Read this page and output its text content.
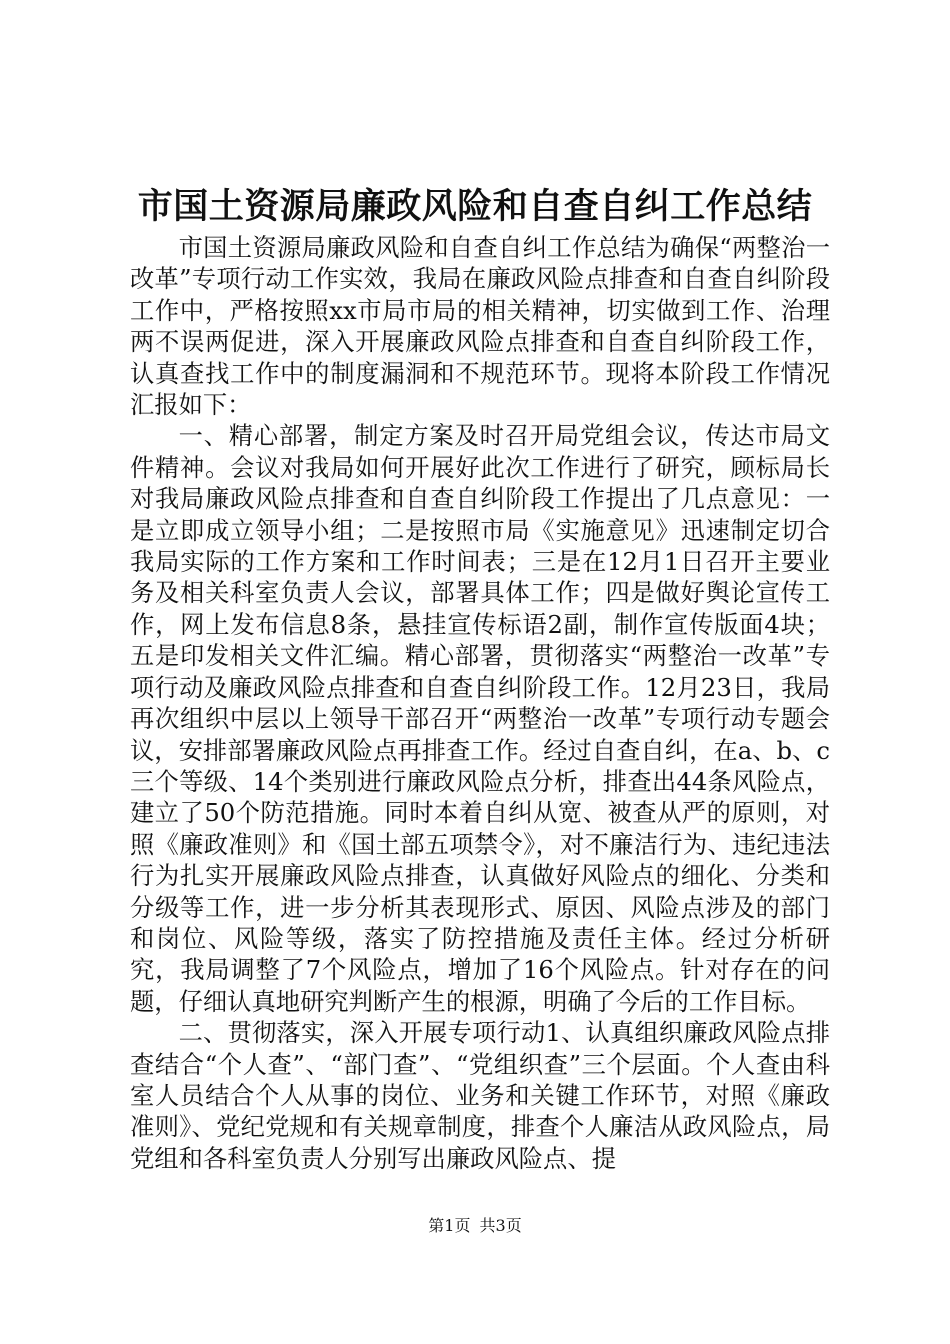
市国土资源局廉政风险和自查自纠工作总结

市国土资源局廉政风险和自查自纠工作总结为确保“两整治一改革”专项行动工作实效，我局在廉政风险点排查和自查自纠阶段工作中，严格按照xx市局市局的相关精神，切实做到工作、治理两不误两促进，深入开展廉政风险点排查和自查自纠阶段工作，认真查找工作中的制度漏洞和不规范环节。现将本阶段工作情况汇报如下：

一、精心部署，制定方案及时召开局党组会议，传达市局文件精神。会议对我局如何开展好此次工作进行了研究，顾标局长对我局廉政风险点排查和自查自纠阶段工作提出了几点意见：一是立即成立领导小组；二是按照市局《实施意见》迅速制定切合我局实际的工作方案和工作时间表；三是在12月1日召开主要业务及相关科室负责人会议，部署具体工作；四是做好舆论宣传工作，网上发布信息8条，悬挂宣传标语2副，制作宣传版面4块；五是印发相关文件汇编。精心部署，贯彻落实“两整治一改革”专项行动及廉政风险点排查和自查自纠阶段工作。12月23日，我局再次组织中层以上领导干部召开“两整治一改革”专项行动专题会议，安排部署廉政风险点再排查工作。经过自查自纠，在a、b、c三个等级、14个类别进行廉政风险点分析，排查出44条风险点，建立了50个防范措施。同时本着自纠从宽、被查从严的原则，对照《廉政准则》和《国土部五项禁令》，对不廉洁行为、违纪违法行为扎实开展廉政风险点排查，认真做好风险点的细化、分类和分级等工作，进一步分析其表现形式、原因、风险点涉及的部门和岗位、风险等级，落实了防控措施及责任主体。经过分析研究，我局调整了7个风险点，增加了16个风险点。针对存在的问题，仔细认真地研究判断产生的根源，明确了今后的工作目标。

二、贯彻落实，深入开展专项行动1、认真组织廉政风险点排查结合“个人查”、“部门查”、“党组织查”三个层面。个人查由科室人员结合个人从事的岗位、业务和关键工作环节，对照《廉政准则》、党纪党规和有关规章制度，排查个人廉洁从政风险点，局党组和各科室负责人分别写出廉政风险点、提

第1页 共3页
